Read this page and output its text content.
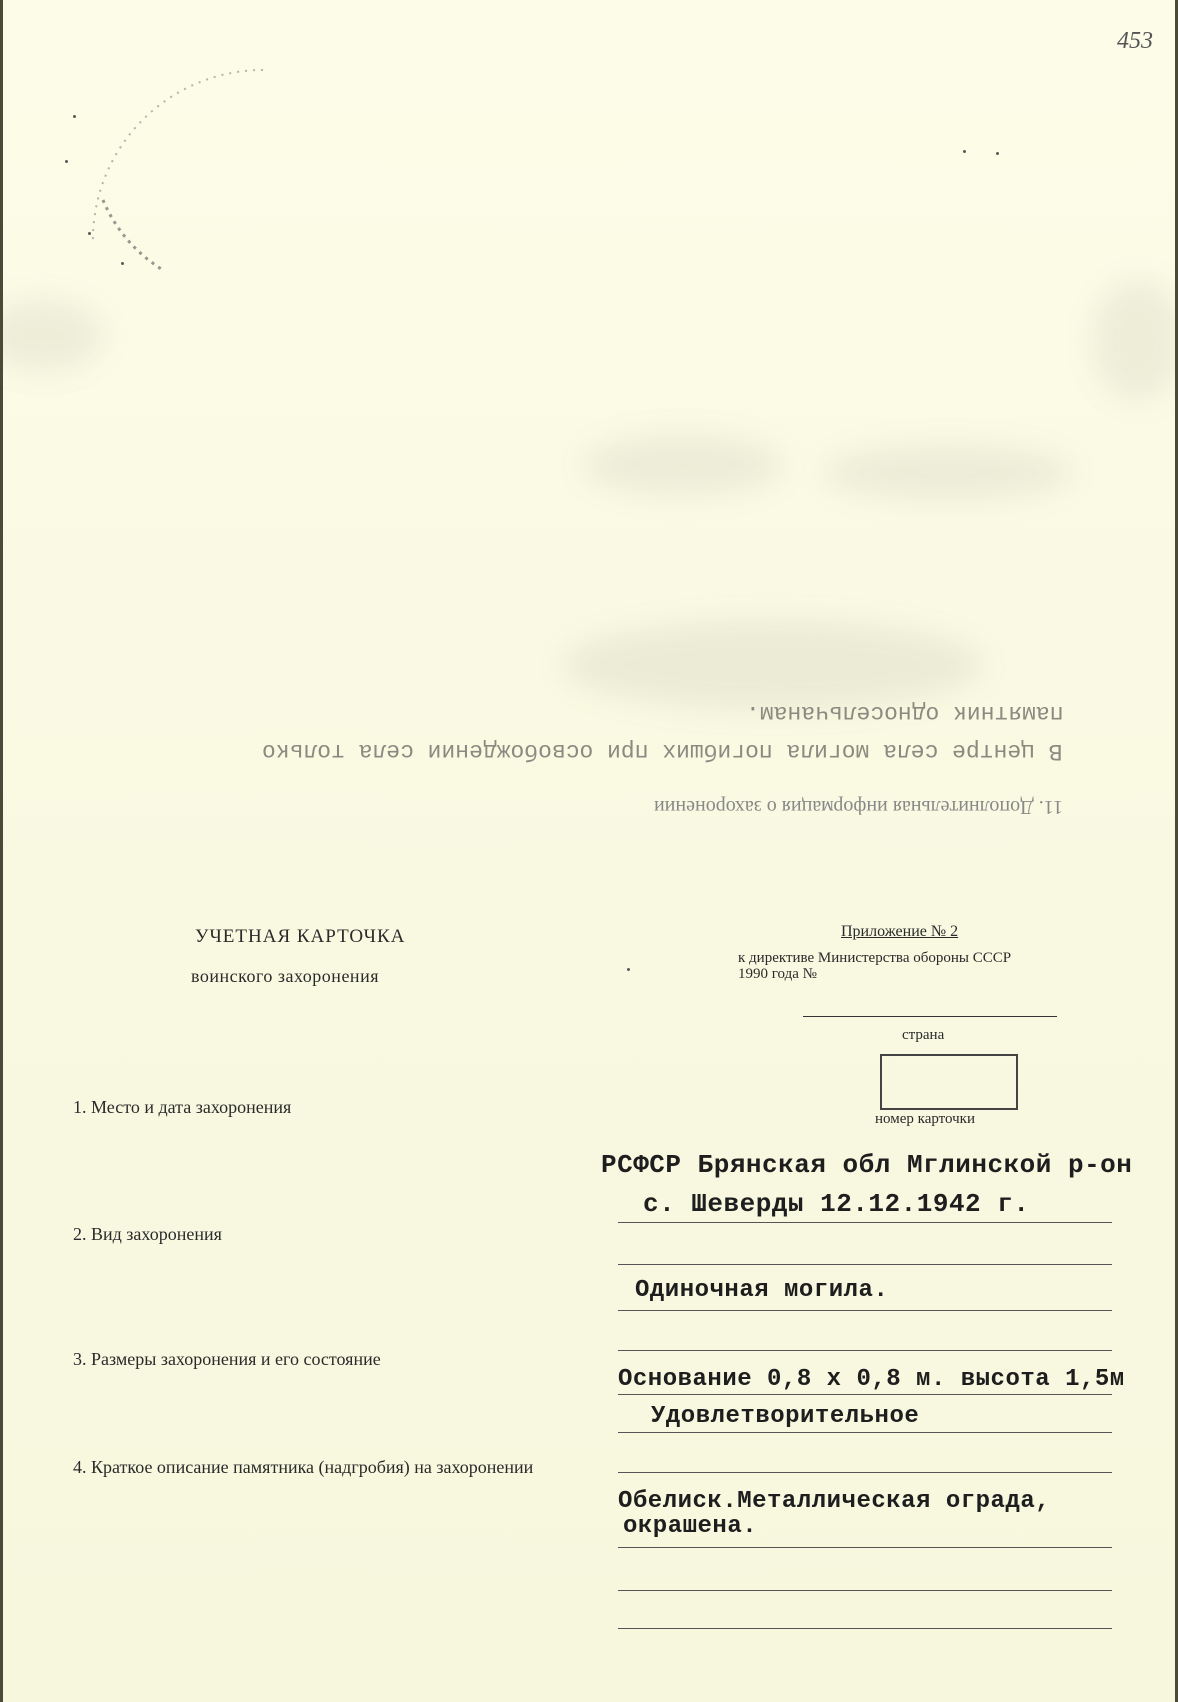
453
памятник односельчанам.
В центре села могила погибших при освобождении села только
11. Дополнительная информация о захоронении
УЧЕТНАЯ КАРТОЧКА
воинского захоронения
Приложение № 2
к директиве Министерства обороны СССР
1990 года №
страна
номер карточки
1. Место и дата захоронения
2. Вид захоронения
3. Размеры захоронения и его состояние
4. Краткое описание памятника (надгробия) на захоронении
РСФСР Брянская обл Мглинской р-он
с. Шеверды 12.12.1942 г.
Одиночная могила.
Основание 0,8 х 0,8 м. высота 1,5м
Удовлетворительное
Обелиск.Металлическая ограда,
окрашена.
